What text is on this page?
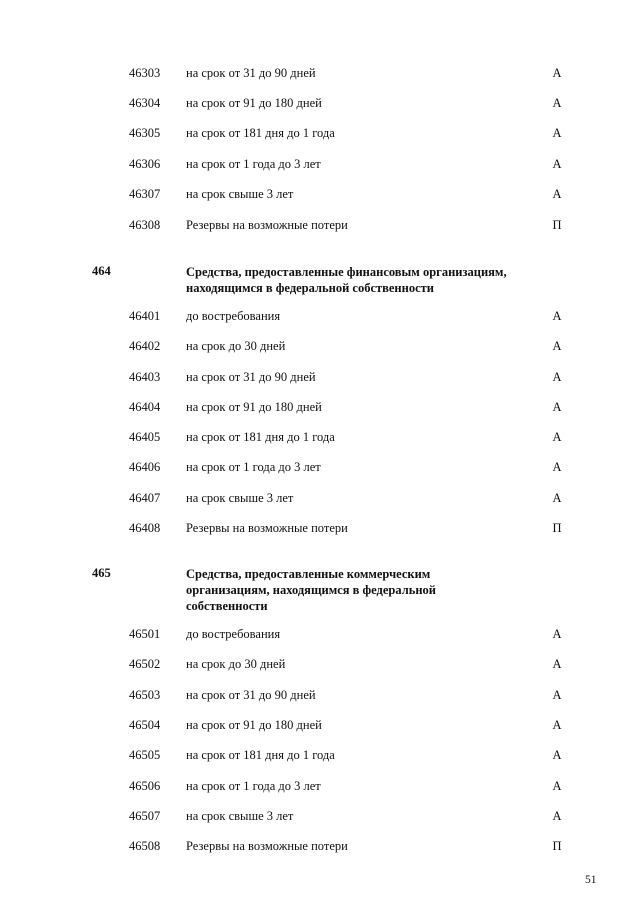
46303 на срок от 31 до 90 дней	А
46304 на срок от 91 до 180 дней	А
46305 на срок от 181 дня до 1 года	А
46306 на срок от 1 года до 3 лет	А
46307 на срок свыше 3 лет	А
46308 Резервы на возможные потери	П
464	Средства, предоставленные финансовым организациям,
находящимся в федеральной собственности
46401 до востребования	А
46402 на срок до 30 дней	А
46403 на срок от 31 до 90 дней	А
46404 на срок от 91 до 180 дней	А
46405 на срок от 181 дня до 1 года	А
46406 на срок от 1 года до 3 лет	А
46407 на срок свыше 3 лет	А
46408 Резервы на возможные потери	П
465	Средства, предоставленные коммерческим
организациям, находящимся в федеральной
собственности
46501 до востребования	А
46502 на срок до 30 дней	А
46503 на срок от 31 до 90 дней	А
46504 на срок от 91 до 180 дней	А
46505 на срок от 181 дня до 1 года	А
46506 на срок от 1 года до 3 лет	А
46507 на срок свыше 3 лет	А
46508 Резервы на возможные потери	П
51
